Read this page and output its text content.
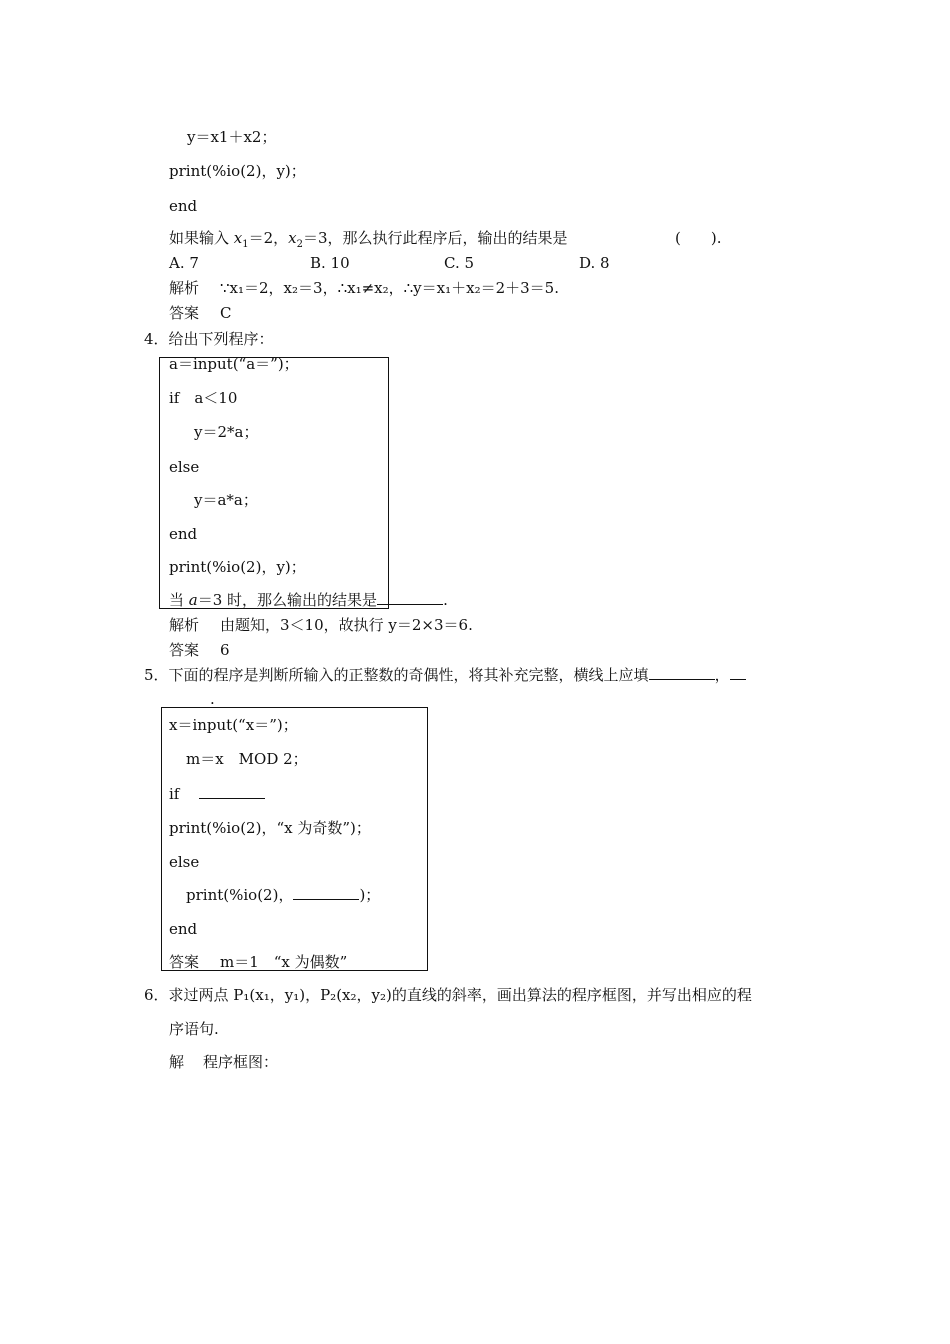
y＝x1＋x2；
print(%io(2)，y)；
end
如果输入 $x_1=2$，$x_2=3$，那么执行此程序后，输出的结果是	(　　).
A. 7	B. 10	C. 5	D. 8
解析 ∵x₁＝2，x₂＝3，∴x₁≠x₂，∴y＝x₁＋x₂＝2＋3＝5.
答案 C
4．给出下列程序：
a＝input(“a＝”)；
if　a＜10
y＝2*a；
else
y＝a*a；
end
print(%io(2)，y)；
当 a＝3 时，那么输出的结果是	.
解析 由题知，3＜10，故执行 y＝2×3＝6.
答案 6
5．下面的程序是判断所输入的正整数的奇偶性，将其补充完整，横线上应填	，
.
x＝input(“x＝”)；
m＝x　MOD 2；
if　
print(%io(2)，“x 为奇数”)；
else
print(%io(2)，	)；
end
答案 m＝1　“x 为偶数”
6．求过两点 P₁(x₁，y₁)，P₂(x₂，y₂)的直线的斜率，画出算法的程序框图，并写出相应的程
序语句.
解 程序框图：
